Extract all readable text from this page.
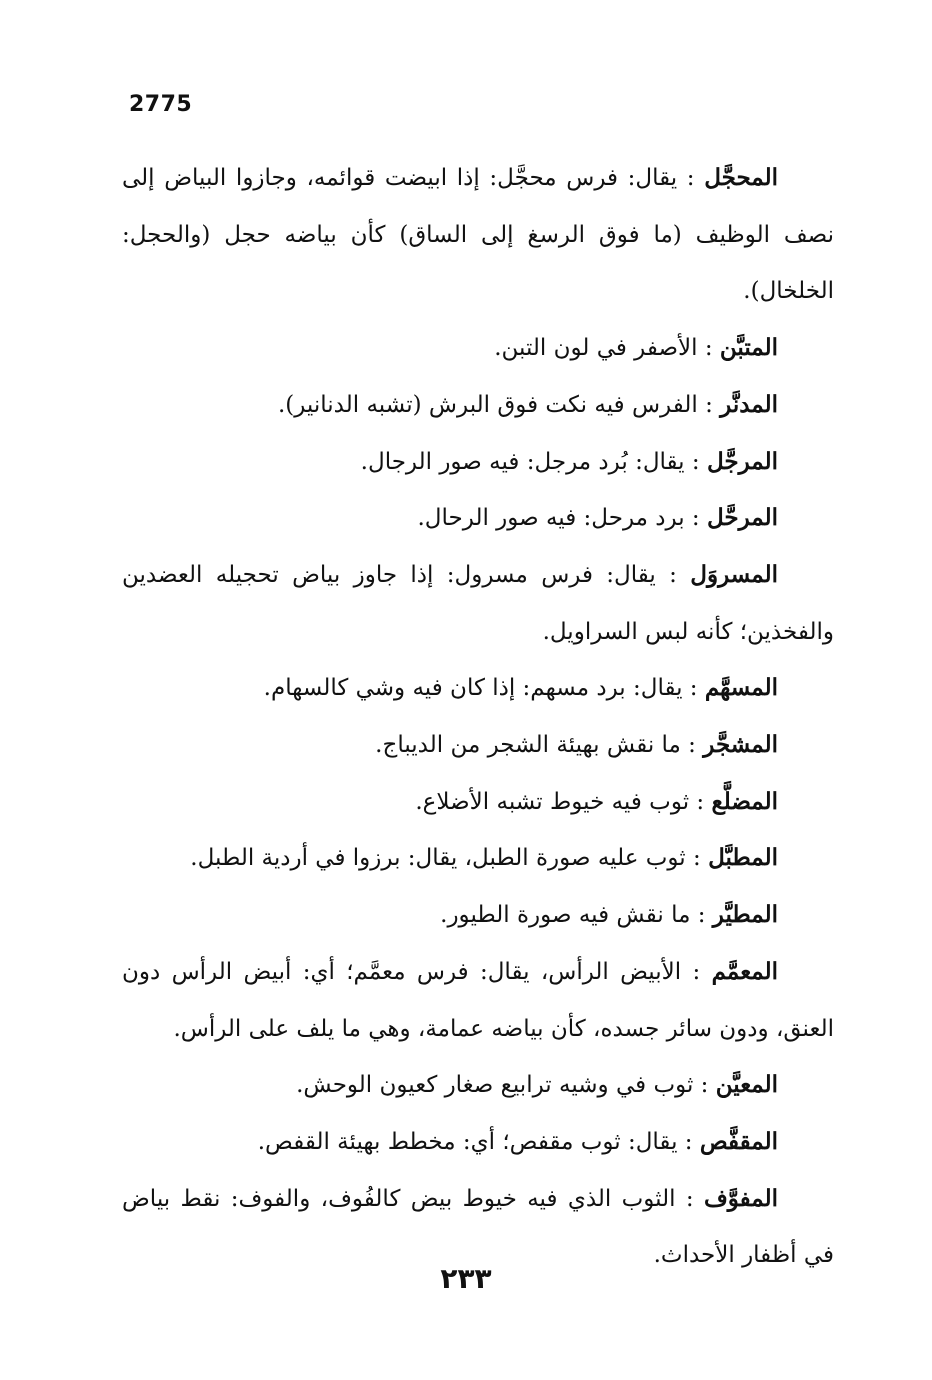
2775

المحجَّل : يقال: فرس محجَّل: إذا ابيضت قوائمه، وجازوا البياض إلى نصف الوظيف (ما فوق الرسغ إلى الساق) كأن بياضه حجل (والحجل: الخلخال).

المتبَّن : الأصفر في لون التبن.

المدنَّر : الفرس فيه نكت فوق البرش (تشبه الدنانير).

المرجَّل : يقال: بُرد مرجل: فيه صور الرجال.

المرحَّل : برد مرحل: فيه صور الرحال.

المسروَل : يقال: فرس مسرول: إذا جاوز بياض تحجيله العضدين والفخذين؛ كأنه لبس السراويل.

المسهَّم : يقال: برد مسهم: إذا كان فيه وشي كالسهام.

المشجَّر : ما نقش بهيئة الشجر من الديباج.

المضلَّع : ثوب فيه خيوط تشبه الأضلاع.

المطبَّل : ثوب عليه صورة الطبل، يقال: برزوا في أردية الطبل.

المطيَّر : ما نقش فيه صورة الطيور.

المعمَّم : الأبيض الرأس، يقال: فرس معمَّم؛ أي: أبيض الرأس دون العنق، ودون سائر جسده، كأن بياضه عمامة، وهي ما يلف على الرأس.

المعيَّن : ثوب في وشيه ترابيع صغار كعيون الوحش.

المقفَّص : يقال: ثوب مقفص؛ أي: مخطط بهيئة القفص.

المفوَّف : الثوب الذي فيه خيوط بيض كالفُوف، والفوف: نقط بياض في أظفار الأحداث.

٢٣٣
